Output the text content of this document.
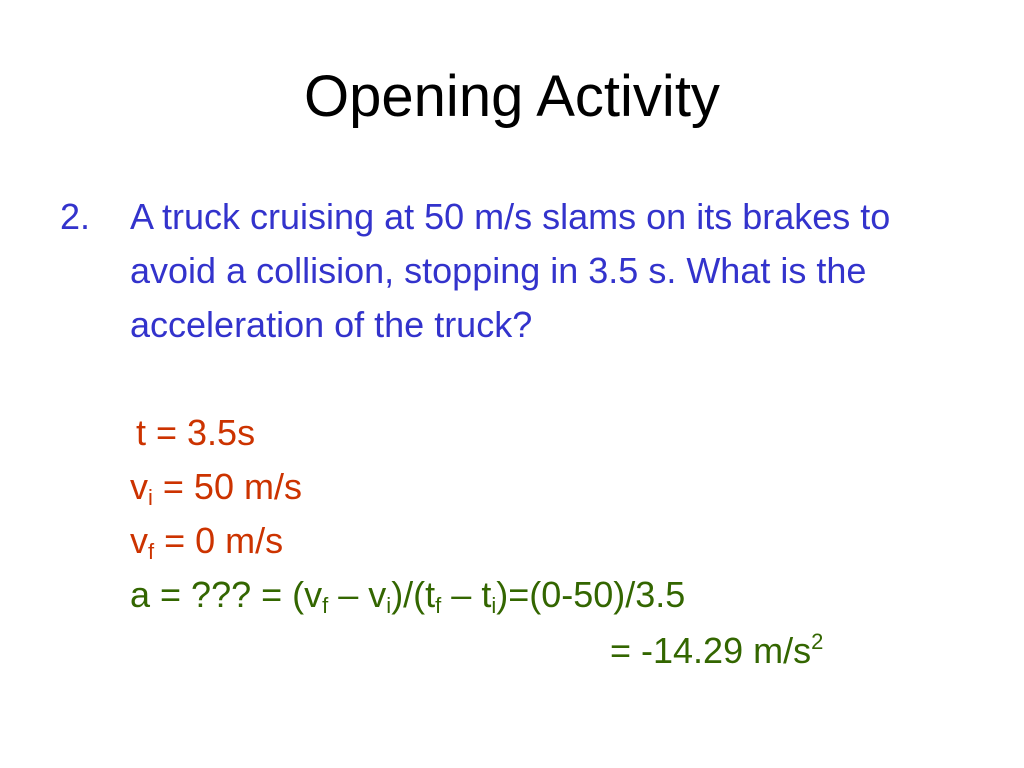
Opening Activity
2. A truck cruising at 50 m/s slams on its brakes to avoid a collision, stopping in 3.5 s. What is the acceleration of the truck?
t = 3.5s
$v_i = 50$ m/s
$v_f = 0$ m/s
a = ??? = $(v_f - v_i)/(t_f - t_i)=(0-50)/3.5$
= -14.29 $m/s^2$
